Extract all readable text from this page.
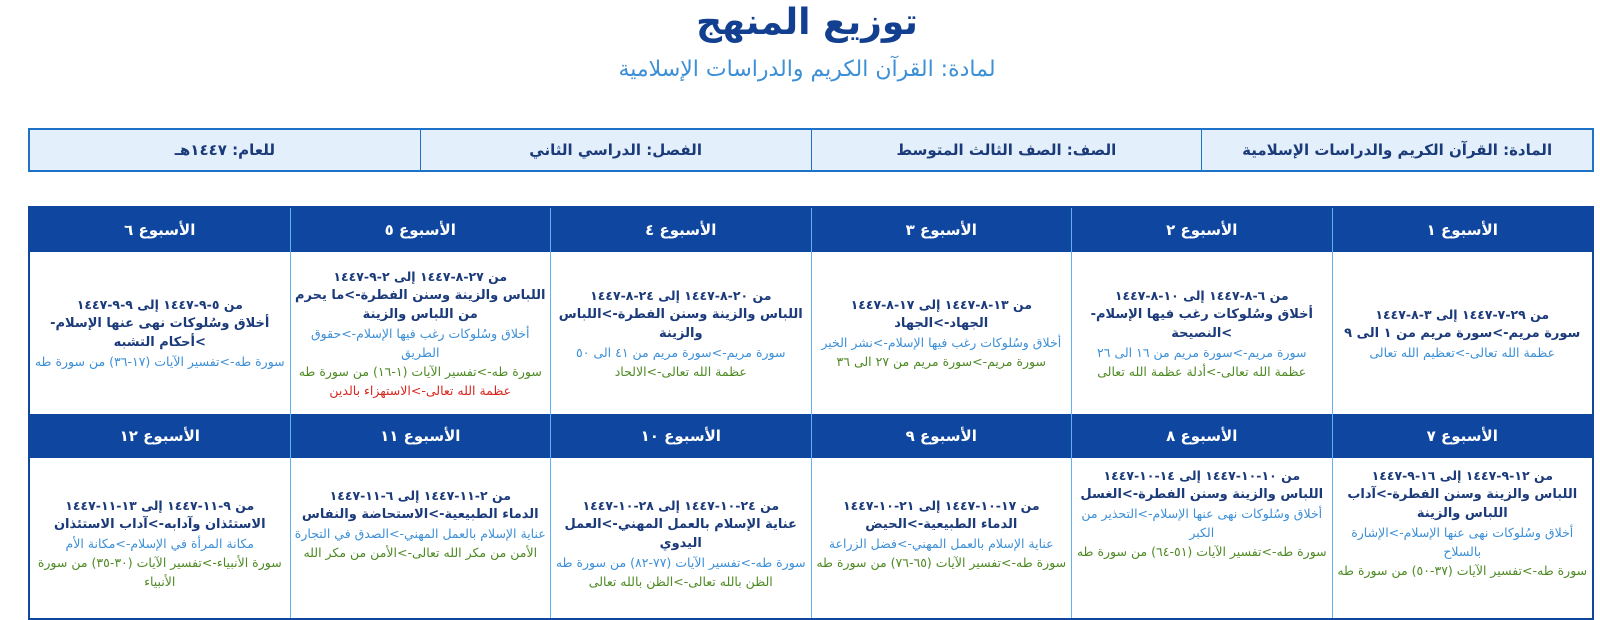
توزيع المنهج
لمادة: القرآن الكريم والدراسات الإسلامية
المادة: القرآن الكريم والدراسات الإسلامية
الصف: الصف الثالث المتوسط
الفصل: الدراسي الثاني
للعام: ١٤٤٧هـ
الأسبوع ١
الأسبوع ٢
الأسبوع ٣
الأسبوع ٤
الأسبوع ٥
الأسبوع ٦
من ٢٩-٧-١٤٤٧ إلى ٣-٨-١٤٤٧
سورة مريم->سورة مريم من ١ الى ٩
عظمة الله تعالى->تعظيم الله تعالى
من ٦-٨-١٤٤٧ إلى ١٠-٨-١٤٤٧
أخلاق وسُلوكات رغب فيها الإسلام->النصيحة
سورة مريم->سورة مريم من ١٦ الى ٢٦
عظمة الله تعالى->أدلة عظمة الله تعالى
من ١٣-٨-١٤٤٧ إلى ١٧-٨-١٤٤٧
الجهاد->الجهاد
أخلاق وسُلوكات رغب فيها الإسلام->نشر الخير
سورة مريم->سورة مريم من ٢٧ الى ٣٦
من ٢٠-٨-١٤٤٧ إلى ٢٤-٨-١٤٤٧
اللباس والزينة وسنن الفطرة->اللباس والزينة
سورة مريم->سورة مريم من ٤١ الى ٥٠
عظمة الله تعالى->الالحاد
من ٢٧-٨-١٤٤٧ إلى ٢-٩-١٤٤٧
اللباس والزينة وسنن الفطرة->ما يحرم من اللباس والزينة
أخلاق وسُلوكات رغب فيها الإسلام->حقوق الطريق
سورة طه->تفسير الآيات (١-١٦) من سورة طه
عظمة الله تعالى->الاستهزاء بالدين
من ٥-٩-١٤٤٧ إلى ٩-٩-١٤٤٧
أخلاق وسُلوكات نهى عنها الإسلام->أحكام التشبه
سورة طه->تفسير الآيات (١٧-٣٦) من سورة طه
الأسبوع ٧
الأسبوع ٨
الأسبوع ٩
الأسبوع ١٠
الأسبوع ١١
الأسبوع ١٢
من ١٢-٩-١٤٤٧ إلى ١٦-٩-١٤٤٧
اللباس والزينة وسنن الفطرة->آداب اللباس والزينة
أخلاق وسُلوكات نهى عنها الإسلام->الإشارة بالسلاح
سورة طه->تفسير الآيات (٣٧-٥٠) من سورة طه
من ١٠-١٠-١٤٤٧ إلى ١٤-١٠-١٤٤٧
اللباس والزينة وسنن الفطرة->الغسل
أخلاق وسُلوكات نهى عنها الإسلام->التحذير من الكبر
سورة طه->تفسير الآيات (٥١-٦٤) من سورة طه
من ١٧-١٠-١٤٤٧ إلى ٢١-١٠-١٤٤٧
الدماء الطبيعية->الحيض
عناية الإسلام بالعمل المهني->فضل الزراعة
سورة طه->تفسير الآيات (٦٥-٧٦) من سورة طه
من ٢٤-١٠-١٤٤٧ إلى ٢٨-١٠-١٤٤٧
عناية الإسلام بالعمل المهني->العمل اليدوي
سورة طه->تفسير الآيات (٧٧-٨٢) من سورة طه
الظن بالله تعالى->الظن بالله تعالى
من ٢-١١-١٤٤٧ إلى ٦-١١-١٤٤٧
الدماء الطبيعية->الاستحاضة والنفاس
عناية الإسلام بالعمل المهني->الصدق في التجارة
الأمن من مكر الله تعالى->الأمن من مكر الله
من ٩-١١-١٤٤٧ إلى ١٣-١١-١٤٤٧
الاستئذان وآدابه->آداب الاستئذان
مكانة المرأة في الإسلام->مكانة الأم
سورة الأنبياء->تفسير الآيات (٣٠-٣٥) من سورة الأنبياء
